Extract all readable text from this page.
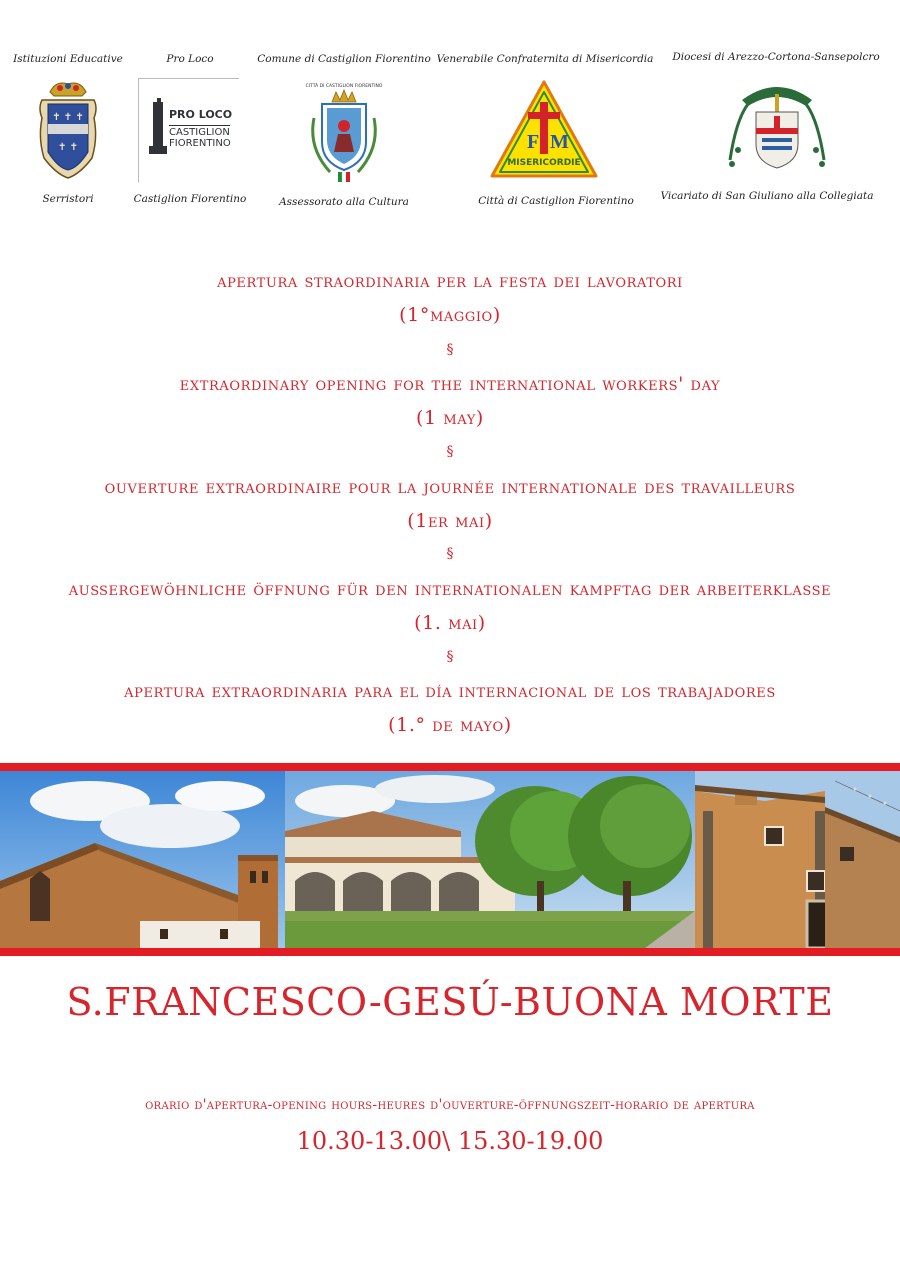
Istituzioni Educative
✝ ✝ ✝
✝ ✝
Serristori
Pro Loco
PRO LOCO
CASTIGLION
FIORENTINO
Castiglion Fiorentino
Comune di Castiglion Fiorentino
CITTÀ DI CASTIGLION FIORENTINO
Assessorato alla Cultura
Venerabile Confraternita di Misericordia
F M
MISERICORDIE
Città di Castiglion Fiorentino
Diocesi di Arezzo-Cortona-Sansepolcro
Vicariato di San Giuliano alla Collegiata
apertura straordinaria per la festa dei lavoratori
(1°maggio)
§
extraordinary opening for the international workers' day
(1 may)
§
ouverture extraordinaire pour la journée internationale des travailleurs
(1er mai)
§
außergewöhnliche öffnung für den internationalen kampftag der arbeiterklasse
(1. mai)
§
apertura extraordinaria para el día internacional de los trabajadores
(1.° de mayo)
S.FRANCESCO-GESÚ-BUONA MORTE
orario d'apertura-opening hours-heures d'ouverture-öffnungszeit-horario de apertura
10.30-13.00\ 15.30-19.00
